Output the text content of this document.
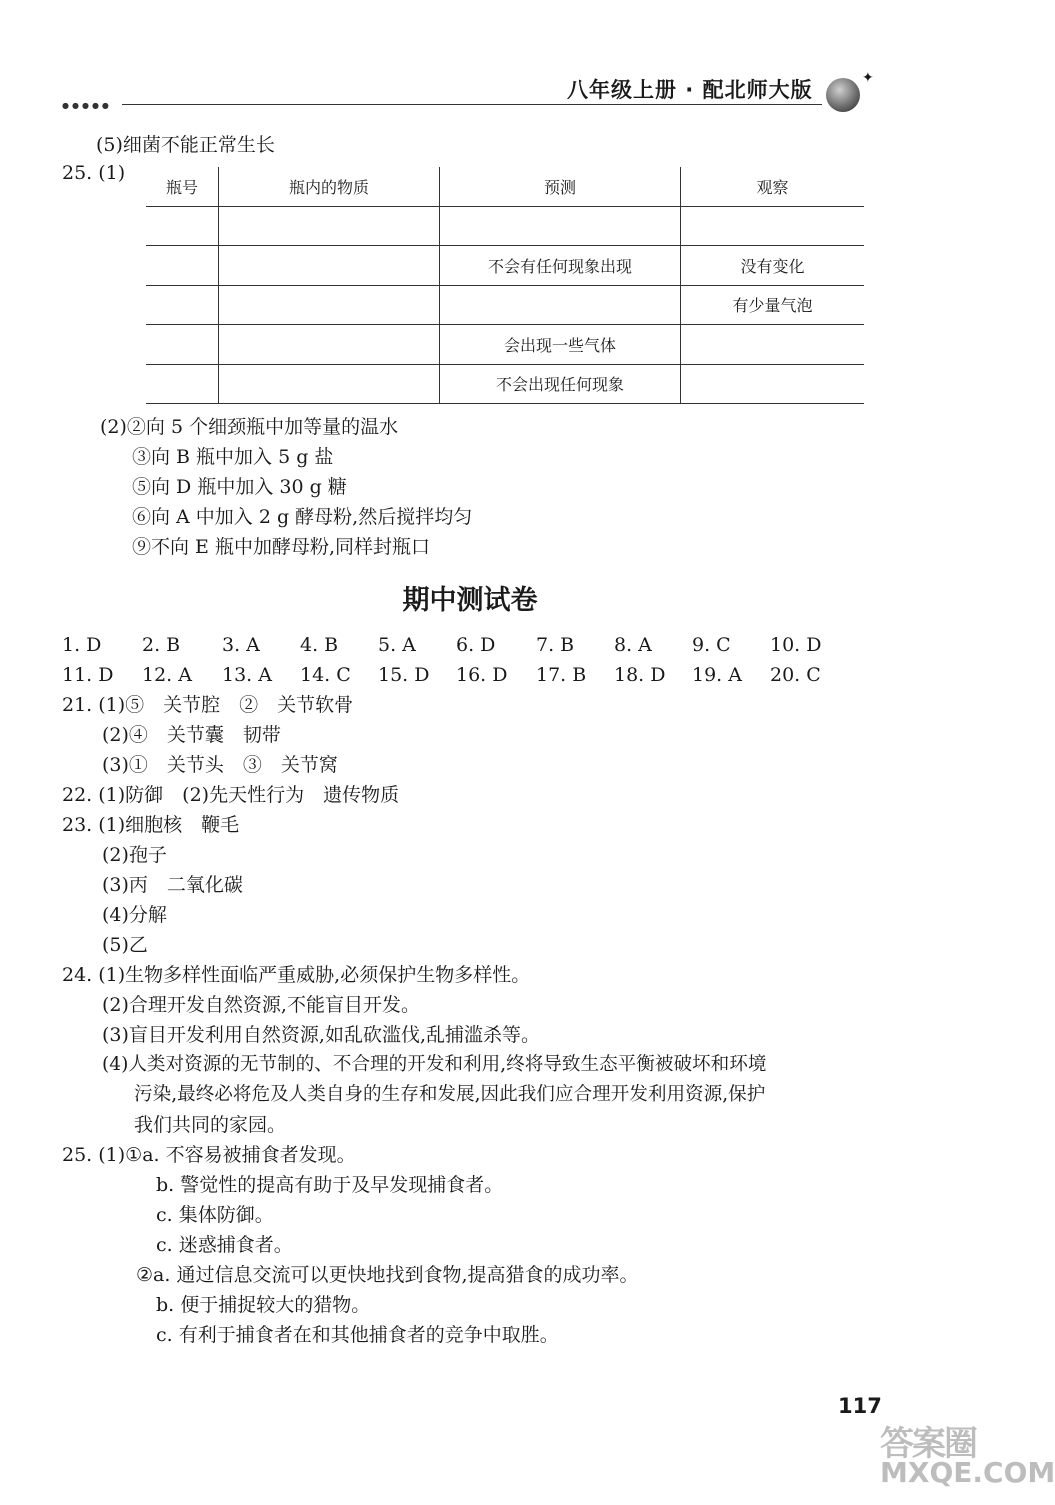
八年级上册 · 配北师大版	✦
●●●●●
(5)细菌不能正常生长
25. (1)
瓶号	瓶内的物质	预测	观察

		不会有任何现象出现	没有变化
			有少量气泡
		会出现一些气体	
		不会出现任何现象	
(2)②向 5 个细颈瓶中加等量的温水
③向 B 瓶中加入 5 g 盐
⑤向 D 瓶中加入 30 g 糖
⑥向 A 中加入 2 g 酵母粉,然后搅拌均匀
⑨不向 E 瓶中加酵母粉,同样封瓶口
期中测试卷
1. D 2. B 3. A 4. B 5. A 6. D 7. B 8. A 9. C 10. D
11. D 12. A 13. A 14. C 15. D 16. D 17. B 18. D 19. A 20. C
21. (1)⑤　关节腔　②　关节软骨
(2)④　关节囊　韧带
(3)①　关节头　③　关节窝
22. (1)防御　(2)先天性行为　遗传物质
23. (1)细胞核　鞭毛
(2)孢子
(3)丙　二氧化碳
(4)分解
(5)乙
24. (1)生物多样性面临严重威胁,必须保护生物多样性。
(2)合理开发自然资源,不能盲目开发。
(3)盲目开发利用自然资源,如乱砍滥伐,乱捕滥杀等。
(4)人类对资源的无节制的、不合理的开发和利用,终将导致生态平衡被破坏和环境
污染,最终必将危及人类自身的生存和发展,因此我们应合理开发利用资源,保护
我们共同的家园。
25. (1)①a. 不容易被捕食者发现。
b. 警觉性的提高有助于及早发现捕食者。
c. 集体防御。
c. 迷惑捕食者。
②a. 通过信息交流可以更快地找到食物,提高猎食的成功率。
b. 便于捕捉较大的猎物。
c. 有利于捕食者在和其他捕食者的竞争中取胜。
117
答案圈
MXQE.COM
